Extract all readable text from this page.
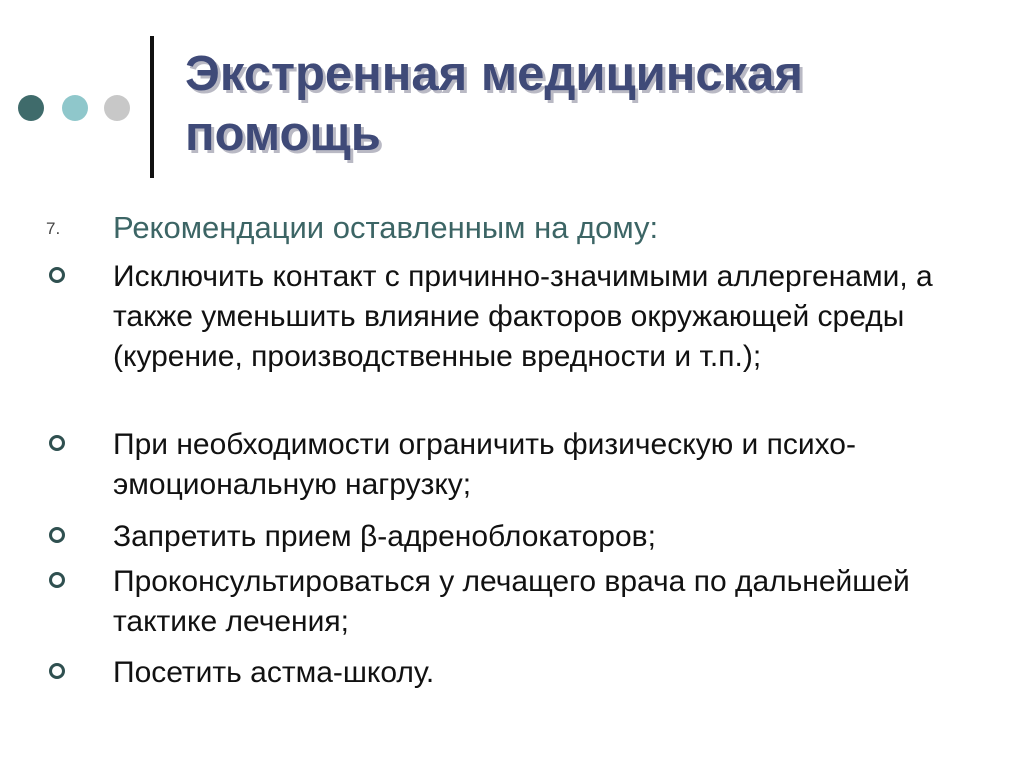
Экстренная медицинская помощь
7. Рекомендации оставленным на дому:
Исключить контакт с причинно-значимыми аллергенами, а также уменьшить влияние факторов окружающей среды (курение, производственные вредности и т.п.);
При необходимости ограничить физическую и психо-эмоциональную нагрузку;
Запретить прием β-адреноблокаторов;
Проконсультироваться у лечащего врача по дальнейшей тактике лечения;
Посетить астма-школу.
